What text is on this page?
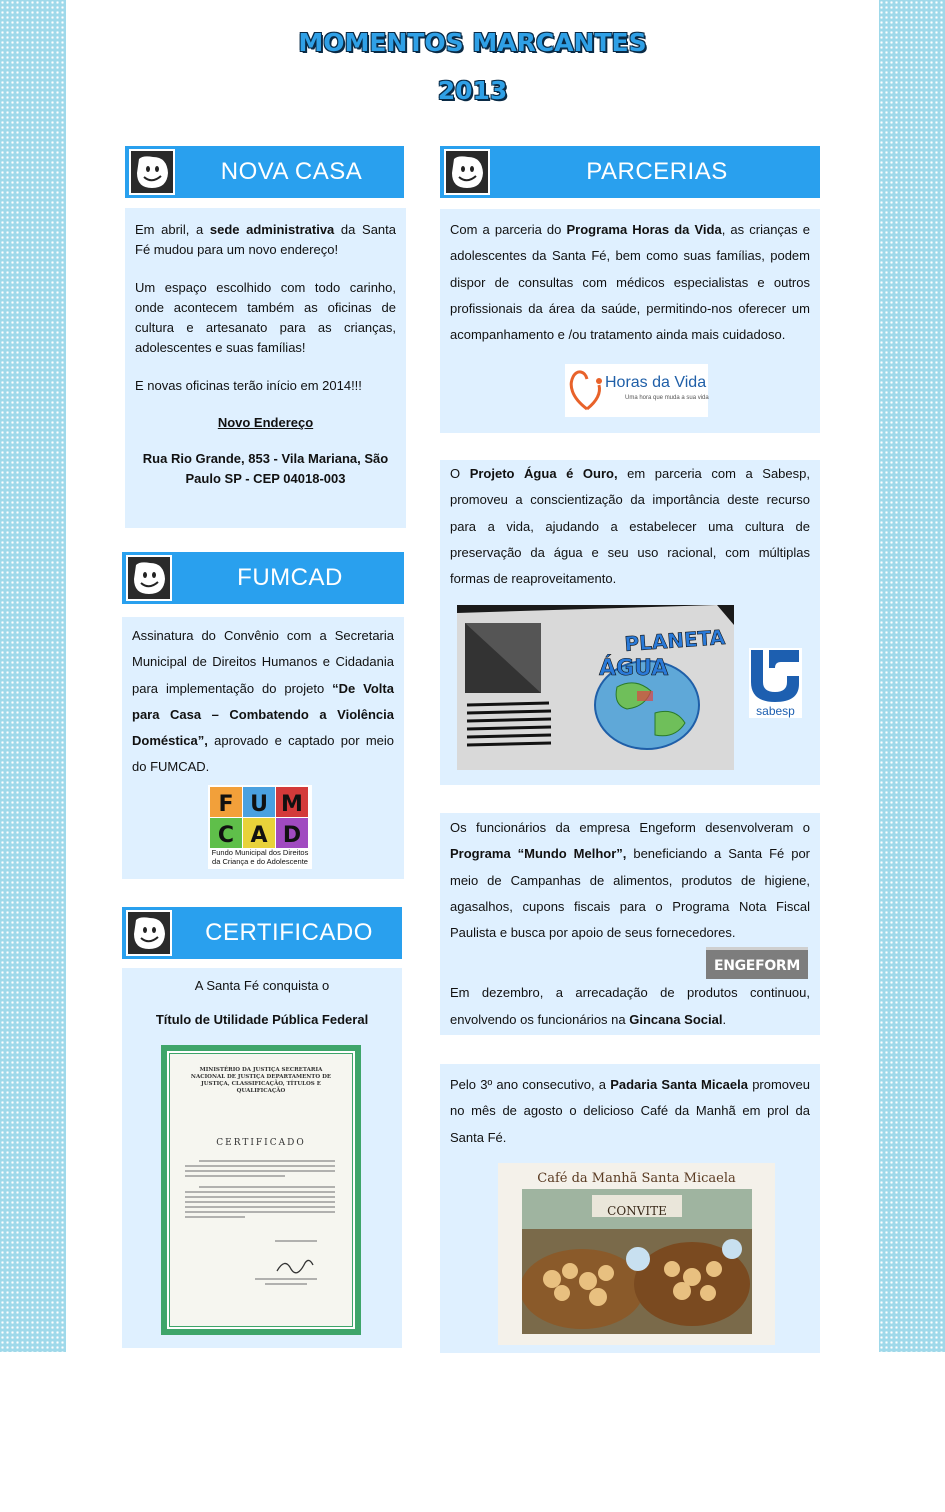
MOMENTOS MARCANTES
2013
NOVA CASA

Em abril, a sede administrativa da Santa Fé mudou para um novo endereço!

Um espaço escolhido com todo carinho, onde acontecem também as oficinas de cultura e artesanato para as crianças, adolescentes e suas famílias!

E novas oficinas terão início em 2014!!!

Novo Endereço

Rua Rio Grande, 853 - Vila Mariana, São Paulo SP - CEP 04018-003

FUMCAD

Assinatura do Convênio com a Secretaria Municipal de Direitos Humanos e Cidadania para implementação do projeto “De Volta para Casa – Combatendo a Violência Doméstica”, aprovado e captado por meio do FUMCAD.

F U M
C A D
Fundo Municipal dos Direitos da Criança e do Adolescente
CERTIFICADO

A Santa Fé conquista o

Título de Utilidade Pública Federal

MINISTÉRIO DA JUSTIÇA SECRETARIA NACIONAL DE JUSTIÇA DEPARTAMENTO DE JUSTIÇA, CLASSIFICAÇÃO, TÍTULOS E QUALIFICAÇÃO
CERTIFICADO
PARCERIAS

Com a parceria do Programa Horas da Vida, as crianças e adolescentes da Santa Fé, bem como suas famílias, podem dispor de consultas com médicos especialistas e outros profissionais da área da saúde, permitindo-nos oferecer um acompanhamento e /ou tratamento ainda mais cuidadoso.

Horas da Vida
Uma hora que muda a sua vida

O Projeto Água é Ouro, em parceria com a Sabesp, promoveu a conscientização da importância deste recurso para a vida, ajudando a estabelecer uma cultura de preservação da água e seu uso racional, com múltiplas formas de reaproveitamento.

PLANETA
ÁGUA
sabesp

Os funcionários da empresa Engeform desenvolveram o Programa “Mundo Melhor”, beneficiando a Santa Fé por meio de Campanhas de alimentos, produtos de higiene, agasalhos, cupons fiscais para o Programa Nota Fiscal Paulista e busca por apoio de seus fornecedores.

ENGEFORM

Em dezembro, a arrecadação de produtos continuou, envolvendo os funcionários na Gincana Social.

Pelo 3º ano consecutivo, a Padaria Santa Micaela promoveu no mês de agosto o delicioso Café da Manhã em prol da Santa Fé.

Café da Manhã Santa Micaela
CONVITE
